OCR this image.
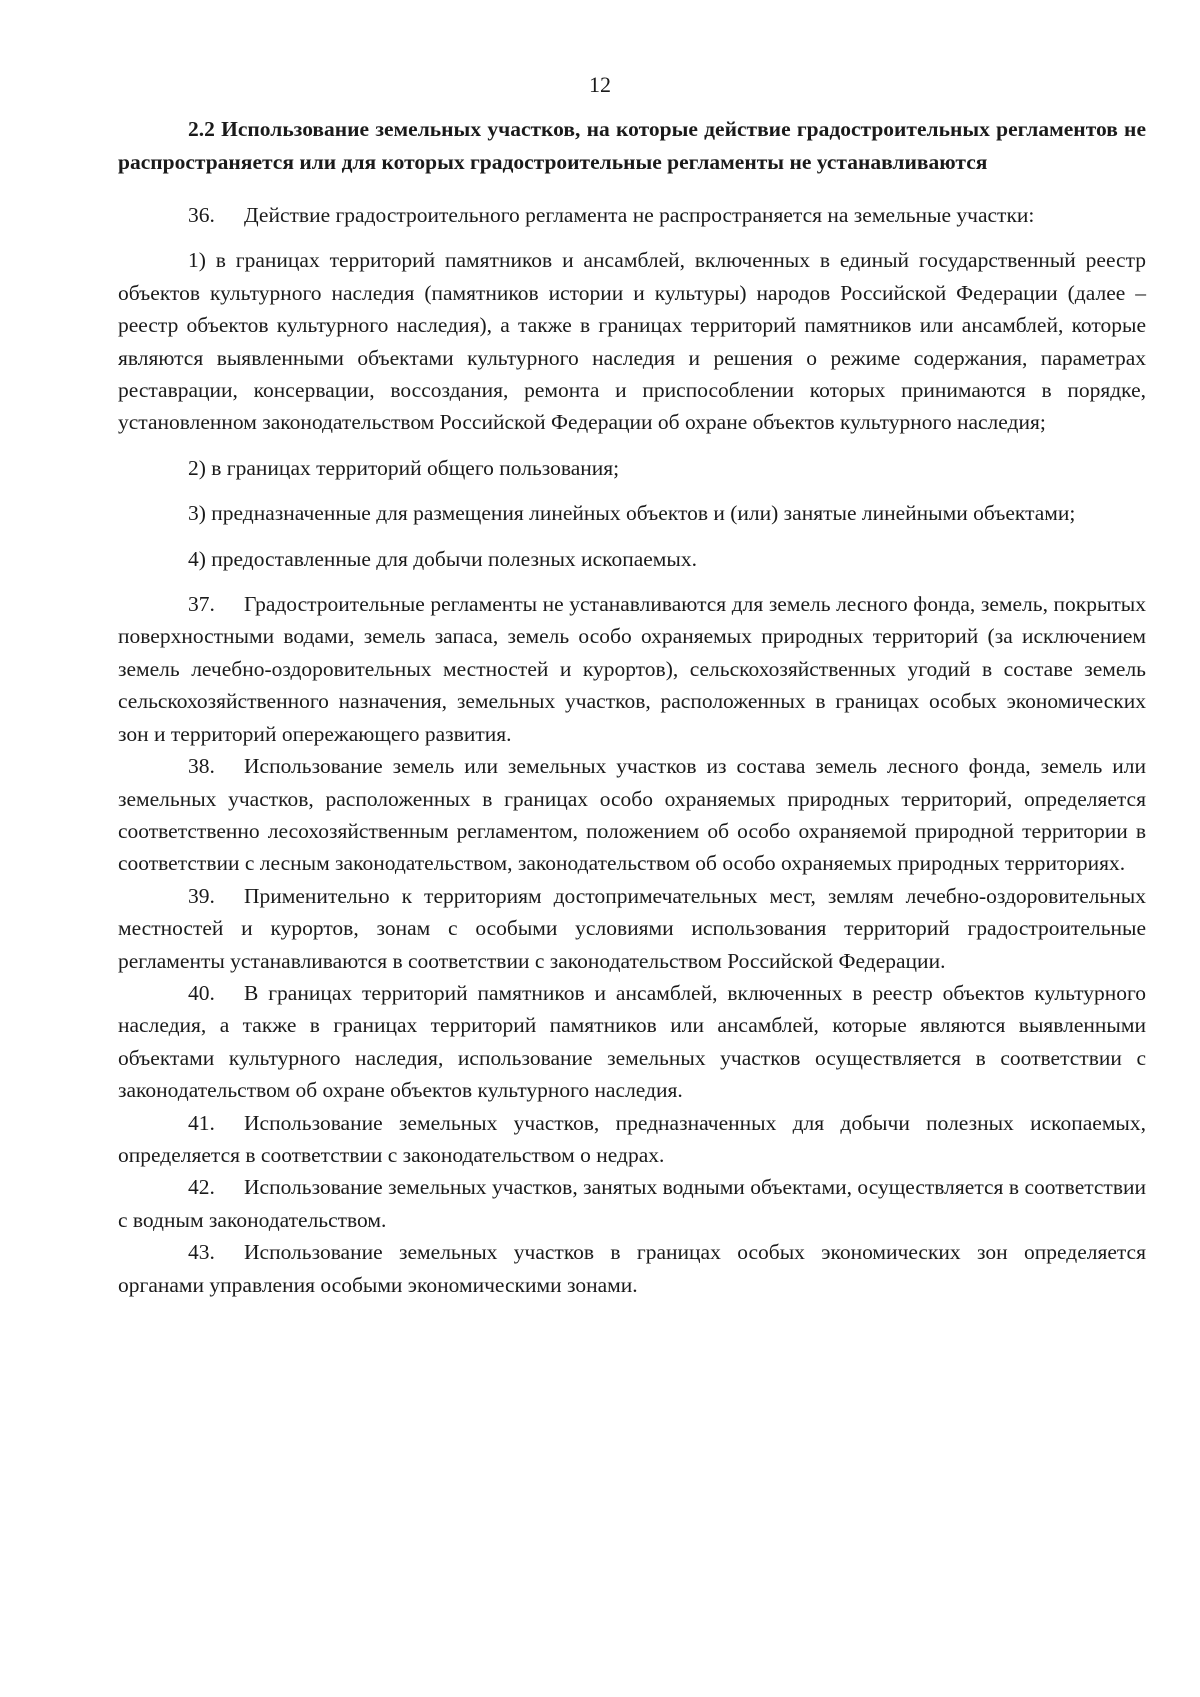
12
2.2 Использование земельных участков, на которые действие градостроительных регламентов не распространяется или для которых градостроительные регламенты не устанавливаются

36. Действие градостроительного регламента не распространяется на земельные участки:

1) в границах территорий памятников и ансамблей, включенных в единый государственный реестр объектов культурного наследия (памятников истории и культуры) народов Российской Федерации (далее – реестр объектов культурного наследия), а также в границах территорий памятников или ансамблей, которые являются выявленными объектами культурного наследия и решения о режиме содержания, параметрах реставрации, консервации, воссоздания, ремонта и приспособлении которых принимаются в порядке, установленном законодательством Российской Федерации об охране объектов культурного наследия;

2) в границах территорий общего пользования;

3) предназначенные для размещения линейных объектов и (или) занятые линейными объектами;

4) предоставленные для добычи полезных ископаемых.

37. Градостроительные регламенты не устанавливаются для земель лесного фонда, земель, покрытых поверхностными водами, земель запаса, земель особо охраняемых природных территорий (за исключением земель лечебно-оздоровительных местностей и курортов), сельскохозяйственных угодий в составе земель сельскохозяйственного назначения, земельных участков, расположенных в границах особых экономических зон и территорий опережающего развития.

38. Использование земель или земельных участков из состава земель лесного фонда, земель или земельных участков, расположенных в границах особо охраняемых природных территорий, определяется соответственно лесохозяйственным регламентом, положением об особо охраняемой природной территории в соответствии с лесным законодательством, законодательством об особо охраняемых природных территориях.

39. Применительно к территориям достопримечательных мест, землям лечебно-оздоровительных местностей и курортов, зонам с особыми условиями использования территорий градостроительные регламенты устанавливаются в соответствии с законодательством Российской Федерации.

40. В границах территорий памятников и ансамблей, включенных в реестр объектов культурного наследия, а также в границах территорий памятников или ансамблей, которые являются выявленными объектами культурного наследия, использование земельных участков осуществляется в соответствии с законодательством об охране объектов культурного наследия.

41. Использование земельных участков, предназначенных для добычи полезных ископаемых, определяется в соответствии с законодательством о недрах.

42. Использование земельных участков, занятых водными объектами, осуществляется в соответствии с водным законодательством.

43. Использование земельных участков в границах особых экономических зон определяется органами управления особыми экономическими зонами.
